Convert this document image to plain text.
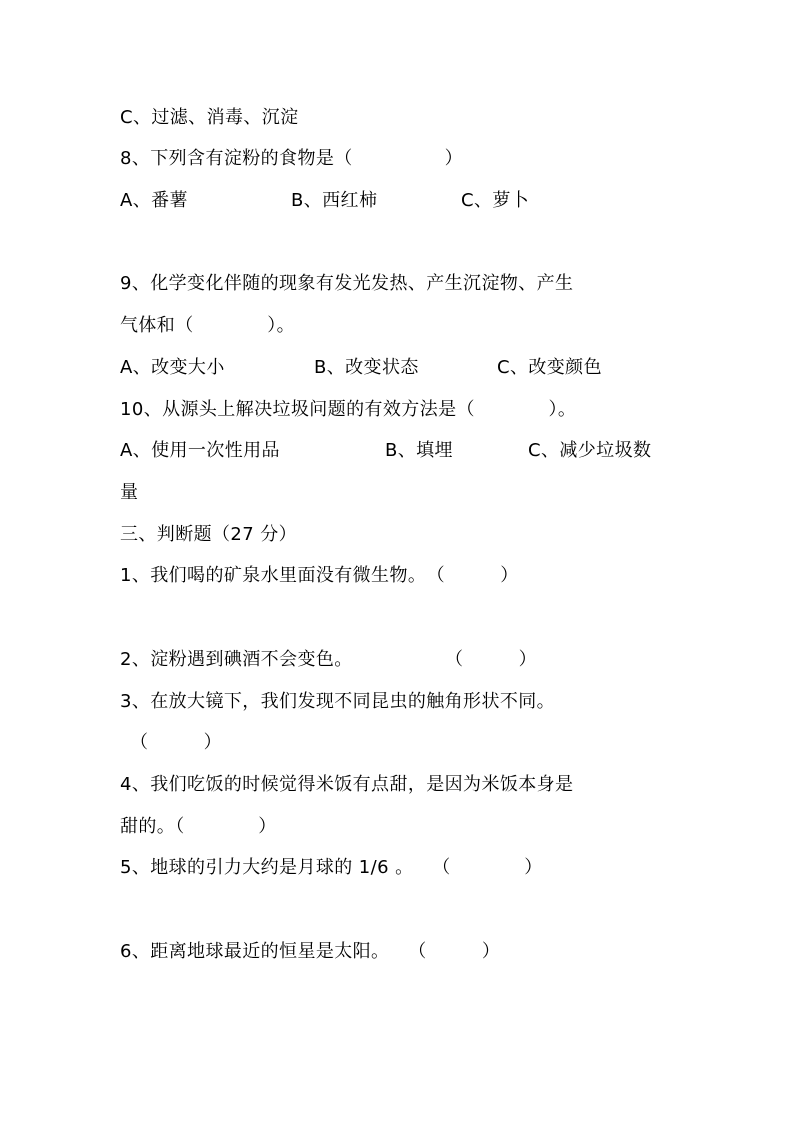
C、过滤、消毒、沉淀
8、下列含有淀粉的食物是（　　　　　）
A、番薯	B、西红柿	C、萝卜
9、化学变化伴随的现象有发光发热、产生沉淀物、产生
气体和（　　　　）。
A、改变大小	B、改变状态	C、改变颜色
10、从源头上解决垃圾问题的有效方法是（　　　　）。
A、使用一次性用品	B、填埋	C、减少垃圾数
量
三、判断题（27 分）
1、我们喝的矿泉水里面没有微生物。　（　　　）
2、淀粉遇到碘酒不会变色。　　　　　　（　　　）
3、在放大镜下，我们发现不同昆虫的触角形状不同。
（　　　）
4、我们吃饭的时候觉得米饭有点甜，是因为米饭本身是
甜的。（　　　　）
5、地球的引力大约是月球的 1/6 。　　（　　　　）
6、距离地球最近的恒星是太阳。　　（　　　）
